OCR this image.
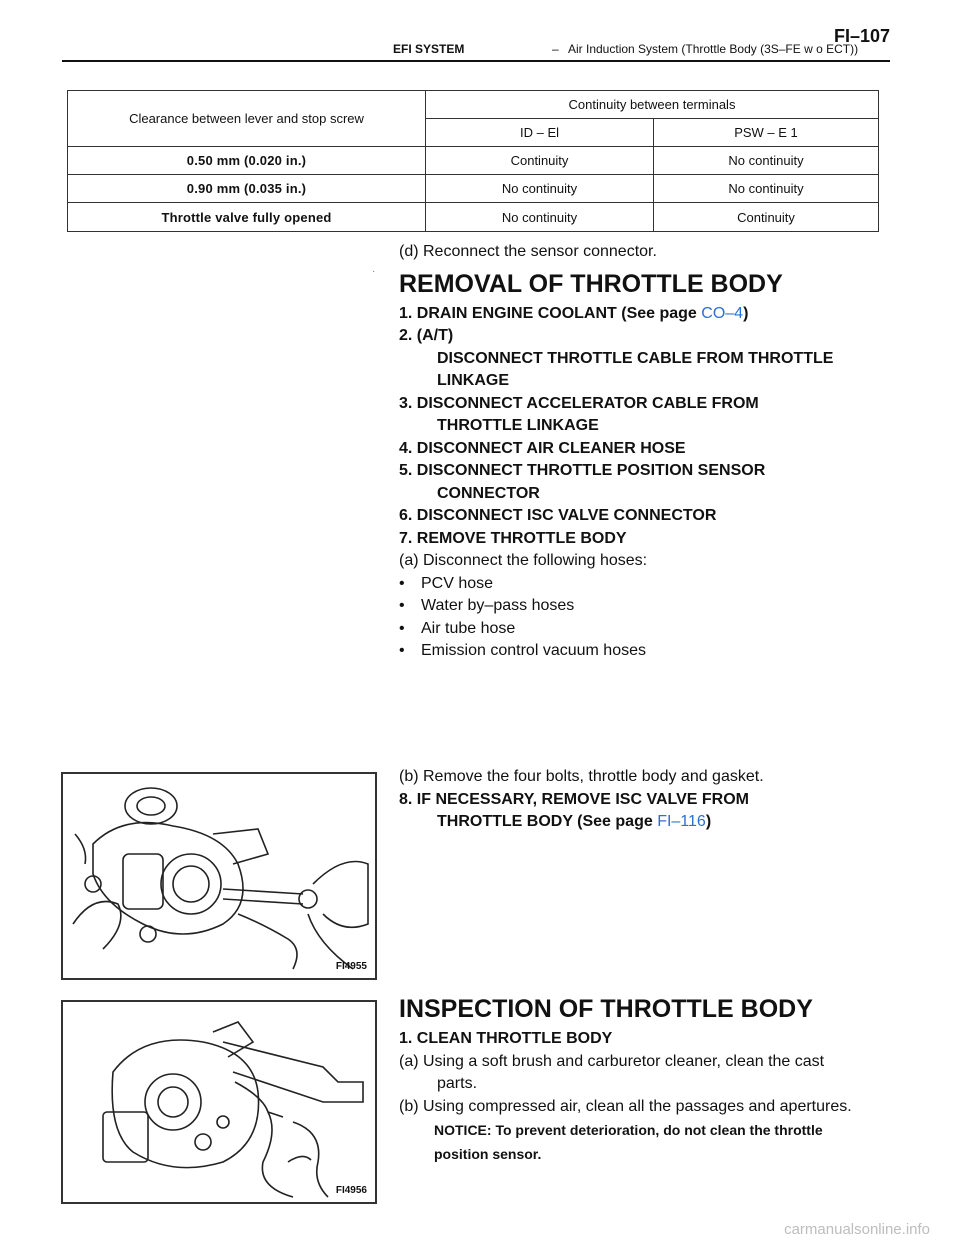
EFI SYSTEM	– Air Induction System (Throttle Body (3S–FE w o ECT))
FI–107
Clearance between lever and stop screw	Continuity between terminals	
	ID – El	PSW – E 1
0.50 mm (0.020 in.)	Continuity	No continuity
0.90 mm (0.035 in.)	No continuity	No continuity
Throttle valve fully opened	No continuity	Continuity
·

(d) Reconnect the sensor connector.

REMOVAL OF THROTTLE BODY

1. DRAIN ENGINE COOLANT (See page CO–4)

2. (A/T)
DISCONNECT THROTTLE CABLE FROM THROTTLE
LINKAGE

3. DISCONNECT ACCELERATOR CABLE FROM
THROTTLE LINKAGE

4. DISCONNECT AIR CLEANER HOSE

5. DISCONNECT THROTTLE POSITION SENSOR
CONNECTOR

6. DISCONNECT ISC VALVE CONNECTOR

7. REMOVE THROTTLE BODY

(a) Disconnect the following hoses:

• PCV hose

• Water by–pass hoses

• Air tube hose

• Emission control vacuum hoses

(b) Remove the four bolts, throttle body and gasket.

8. IF NECESSARY, REMOVE ISC VALVE FROM
THROTTLE BODY (See page FI–116)

FI4955
FI4956

INSPECTION OF THROTTLE BODY

1. CLEAN THROTTLE BODY

(a) Using a soft brush and carburetor cleaner, clean the cast
parts.

(b) Using compressed air, clean all the passages and apertures.

NOTICE: To prevent deterioration, do not clean the throttle

position sensor.

carmanualsonline.info
